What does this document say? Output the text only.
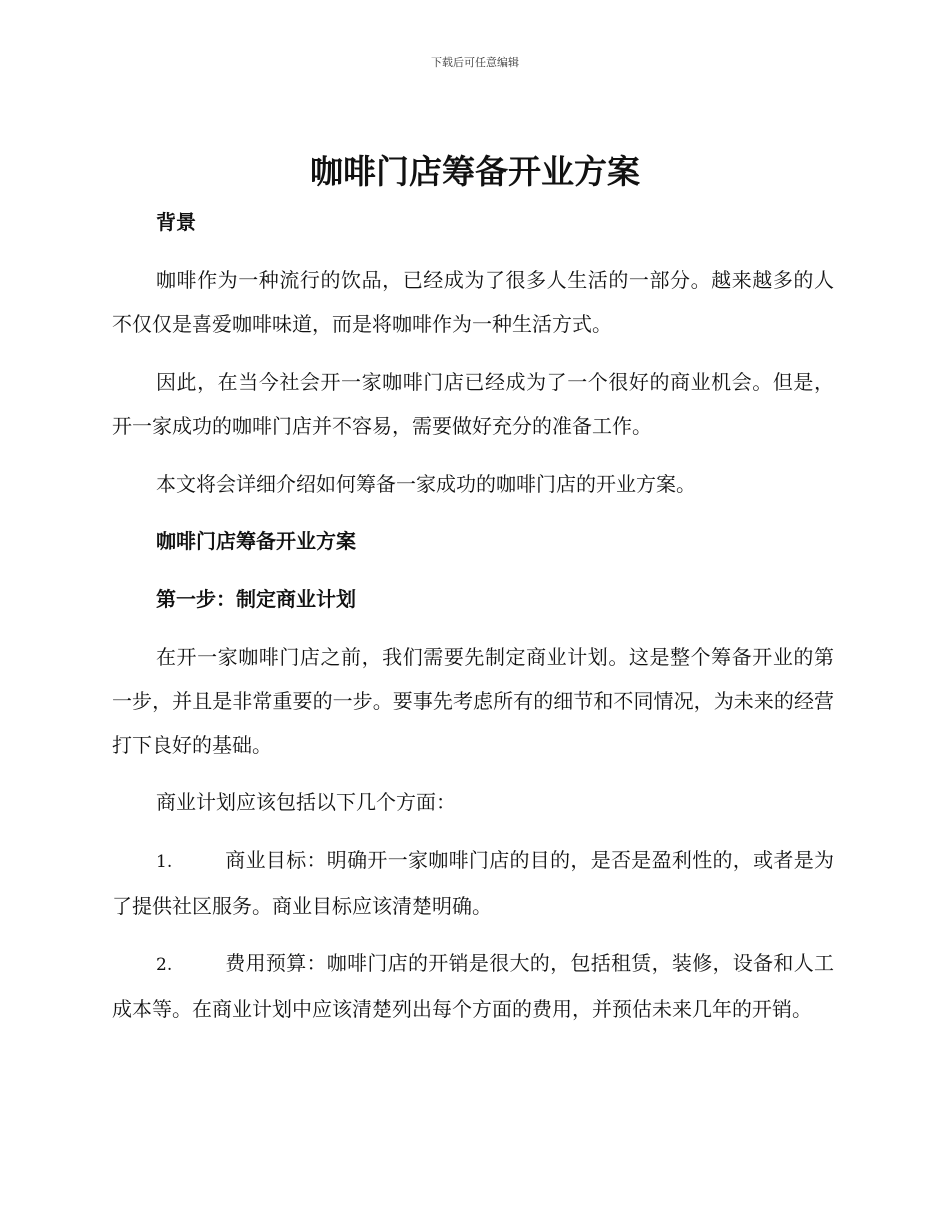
下载后可任意编辑
咖啡门店筹备开业方案

背景

咖啡作为一种流行的饮品，已经成为了很多人生活的一部分。越来越多的人不仅仅是喜爱咖啡味道，而是将咖啡作为一种生活方式。

因此，在当今社会开一家咖啡门店已经成为了一个很好的商业机会。但是，开一家成功的咖啡门店并不容易，需要做好充分的准备工作。

本文将会详细介绍如何筹备一家成功的咖啡门店的开业方案。

咖啡门店筹备开业方案

第一步：制定商业计划

在开一家咖啡门店之前，我们需要先制定商业计划。这是整个筹备开业的第一步，并且是非常重要的一步。要事先考虑所有的细节和不同情况，为未来的经营打下良好的基础。

商业计划应该包括以下几个方面：

1.	商业目标：明确开一家咖啡门店的目的，是否是盈利性的，或者是为了提供社区服务。商业目标应该清楚明确。

2.	费用预算：咖啡门店的开销是很大的，包括租赁，装修，设备和人工成本等。在商业计划中应该清楚列出每个方面的费用，并预估未来几年的开销。
